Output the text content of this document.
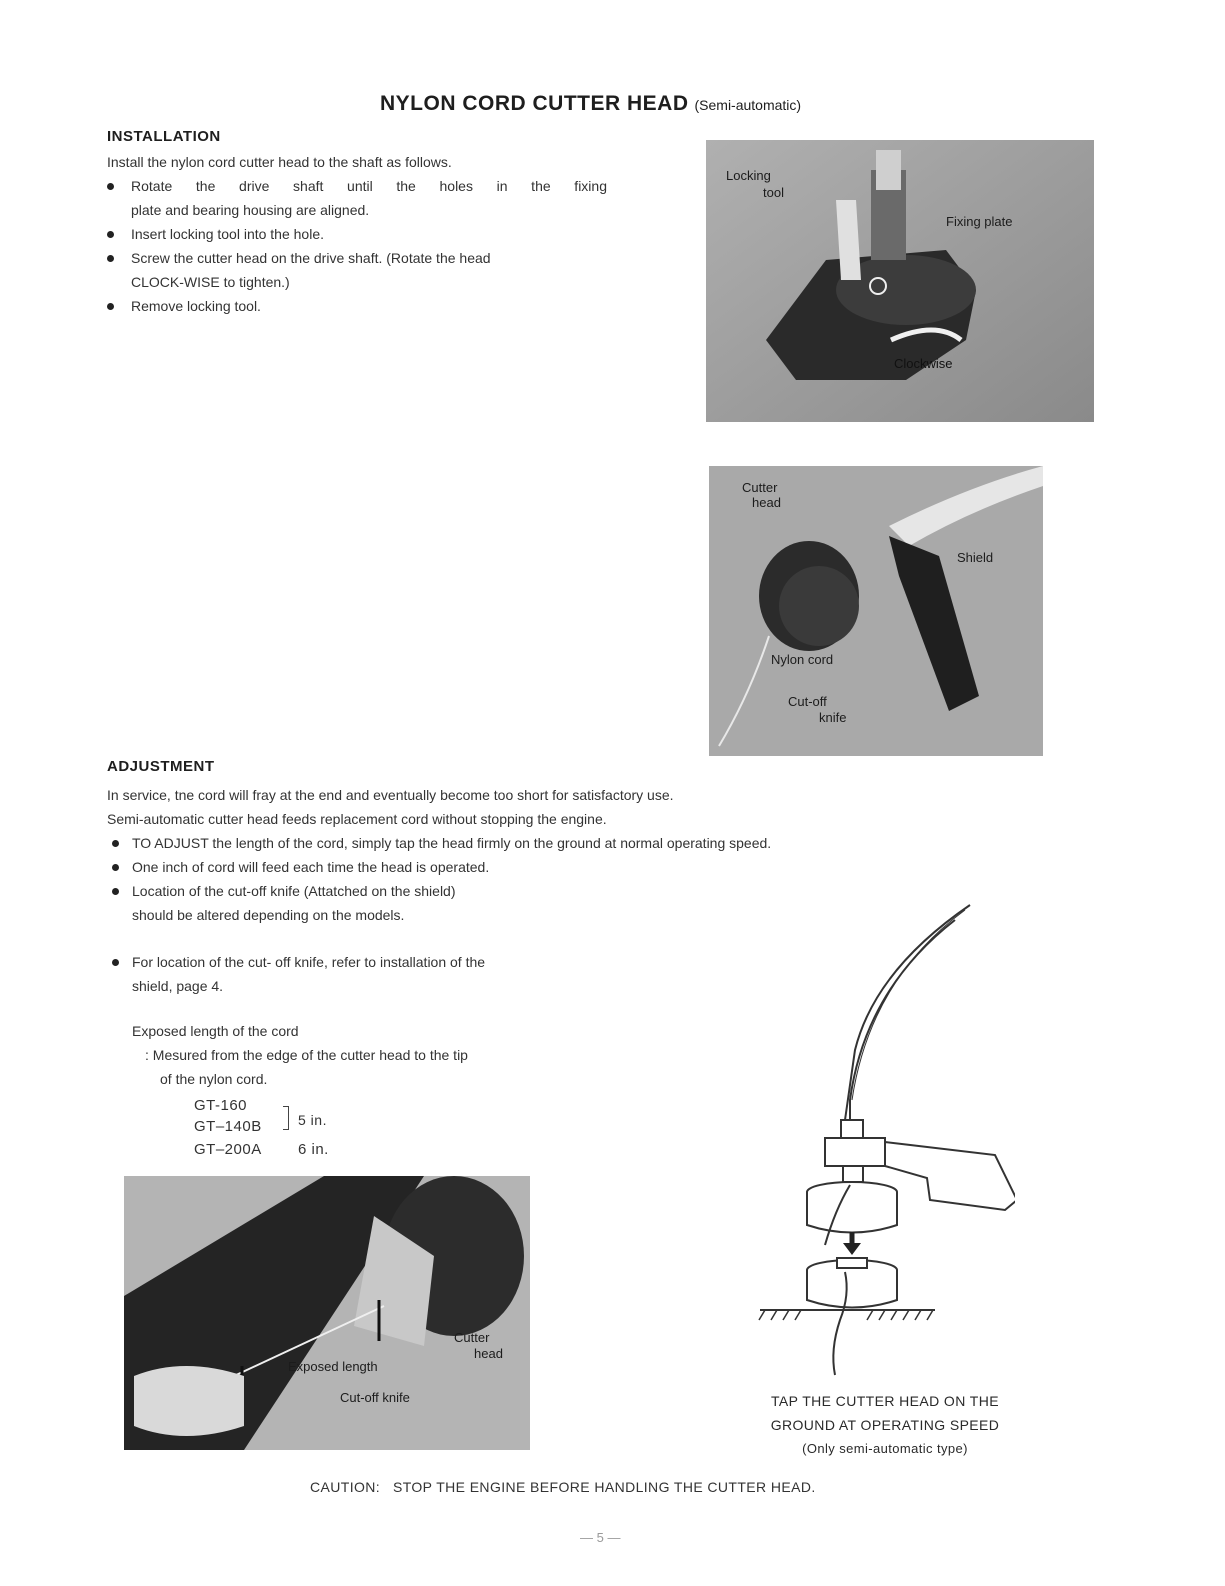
NYLON CORD CUTTER HEAD (Semi-automatic)
INSTALLATION
Install the nylon cord cutter head to the shaft as follows.
Rotate the drive shaft until the holes in the fixing
plate and bearing housing are aligned.
Insert locking tool into the hole.
Screw the cutter head on the drive shaft. (Rotate the head
CLOCK-WISE to tighten.)
Remove locking tool.
Locking
tool
Fixing plate
Clockwise
Cutter
head
Shield
Nylon cord
Cut-off
knife
ADJUSTMENT
In service, tne cord will fray at the end and eventually become too short for satisfactory use.
Semi-automatic cutter head feeds replacement cord without stopping the engine.
TO ADJUST the length of the cord, simply tap the head firmly on the ground at normal operating speed.
One inch of cord will feed each time the head is operated.
Location of the cut-off knife (Attatched on the shield)
should be altered depending on the models.
For location of the cut- off knife, refer to installation of the
shield, page 4.
Exposed length of the cord
: Mesured from the edge of the cutter head to the tip
of the nylon cord.
GT-160
GT–140B	5 in.
GT–200A 6 in.
Cutter
head
Exposed length
Cut-off knife	TAP THE CUTTER HEAD ON THE
GROUND AT OPERATING SPEED
(Only semi-automatic type)
CAUTION:   STOP THE ENGINE BEFORE HANDLING THE CUTTER HEAD.
— 5 —
